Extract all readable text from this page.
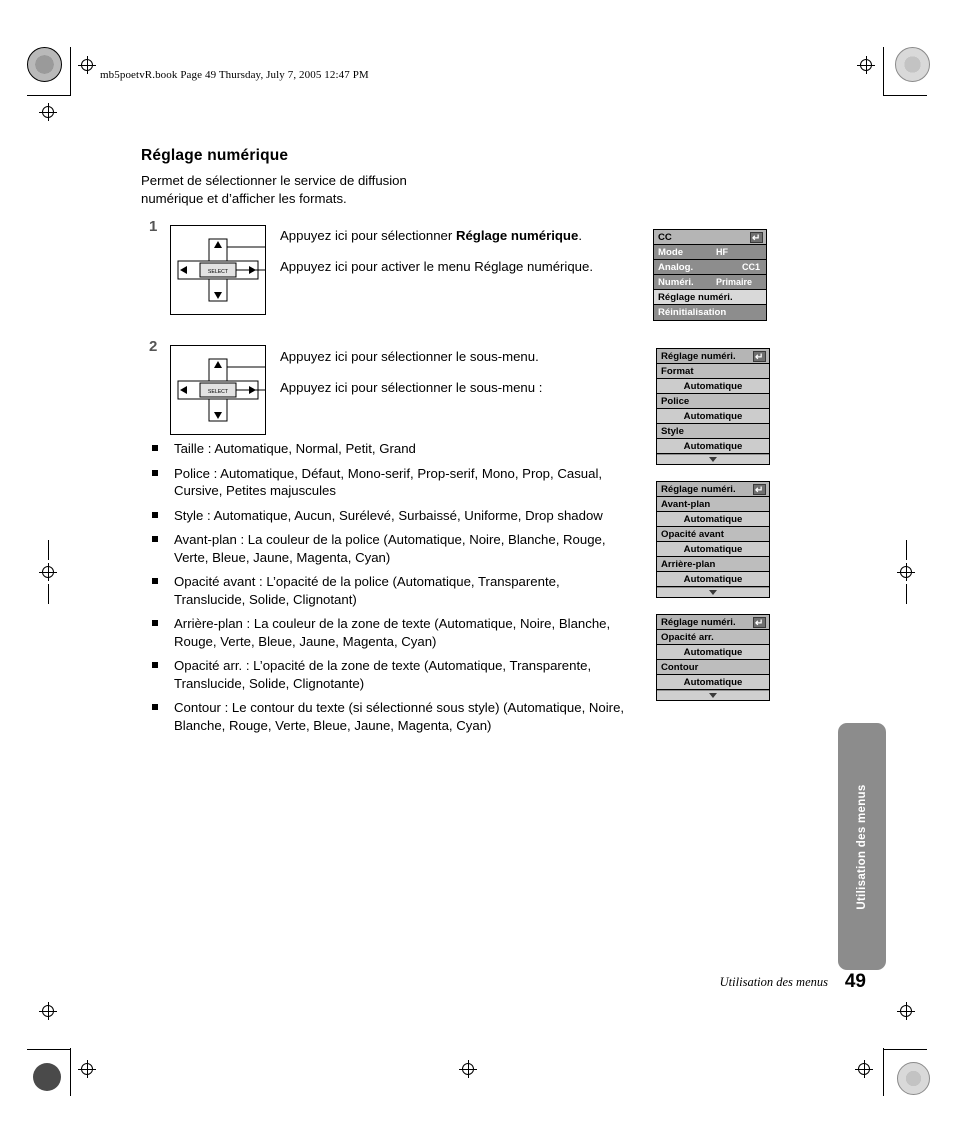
mb5poetvR.book Page 49 Thursday, July 7, 2005 12:47 PM
Réglage numérique
Permet de sélectionner le service de diffusion numérique et d’afficher les formats.
1
SELECT
Appuyez ici pour sélectionner Réglage numérique.
Appuyez ici pour activer le menu Réglage numérique.
2
SELECT
Appuyez ici pour sélectionner le sous-menu.
Appuyez ici pour sélectionner le sous-menu :
Taille : Automatique, Normal, Petit, Grand
Police : Automatique, Défaut, Mono-serif, Prop-serif, Mono, Prop, Casual, Cursive, Petites majuscules
Style : Automatique, Aucun, Surélevé, Surbaissé, Uniforme, Drop shadow
Avant-plan : La couleur de la police (Automatique, Noire, Blanche, Rouge, Verte, Bleue, Jaune, Magenta, Cyan)
Opacité avant : L’opacité de la police (Automatique, Transparente, Translucide, Solide, Clignotant)
Arrière-plan : La couleur de la zone de texte (Automatique, Noire, Blanche, Rouge, Verte, Bleue, Jaune, Magenta, Cyan)
Opacité arr. : L’opacité de la zone de texte (Automatique, Transparente, Translucide, Solide, Clignotante)
Contour : Le contour du texte (si sélectionné sous style) (Automatique, Noire, Blanche, Rouge, Verte, Bleue, Jaune, Magenta, Cyan)
CC
↵
Mode	HF
Analog.	CC1
Numéri. Primaire
Réglage numéri.
Réinitialisation
Réglage numéri.
↵
Format
Automatique
Police
Automatique
Style
Automatique
Réglage numéri.
↵
Avant-plan
Automatique
Opacité avant
Automatique
Arrière-plan
Automatique
Réglage numéri.
↵
Opacité arr.
Automatique
Contour
Automatique
Utilisation des menus
Utilisation des menus 49
